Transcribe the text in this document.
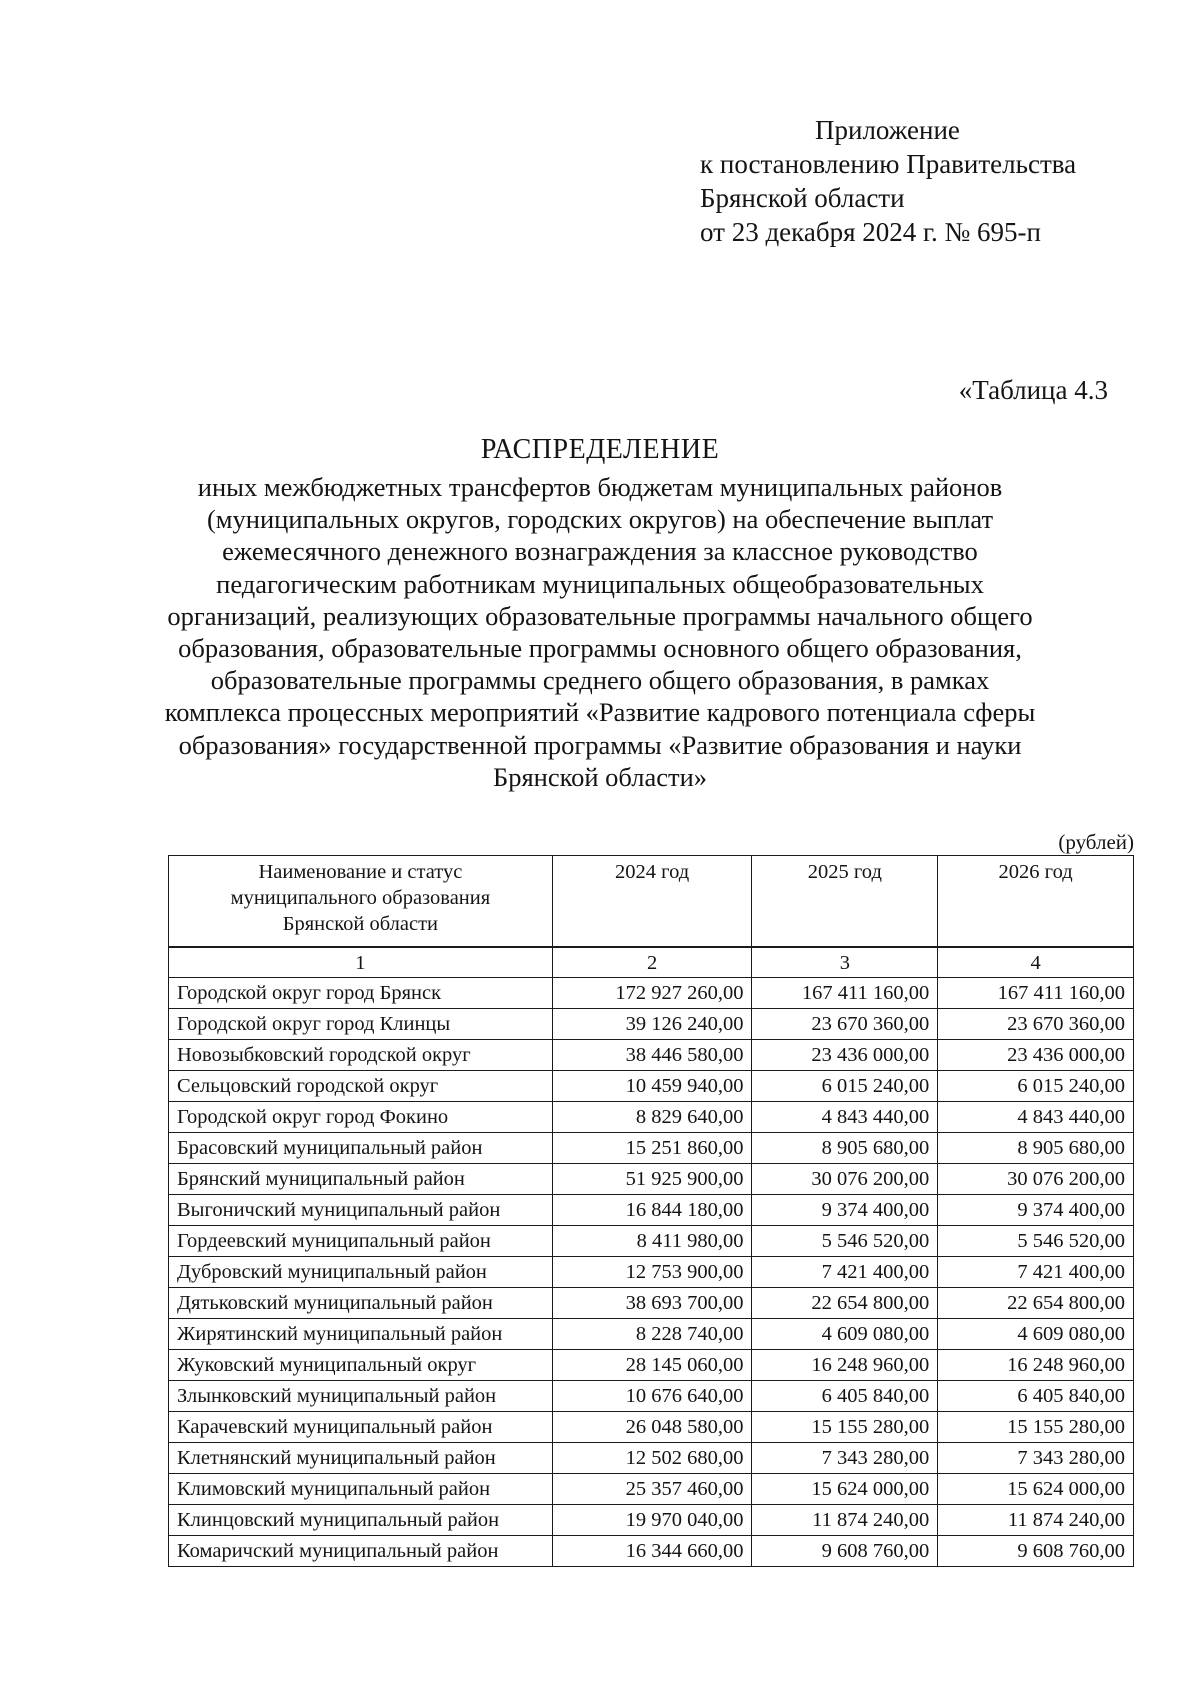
Приложение
к постановлению Правительства
Брянской области
от 23 декабря 2024 г. № 695-п
«Таблица 4.3
РАСПРЕДЕЛЕНИЕ
иных межбюджетных трансфертов бюджетам муниципальных районов
(муниципальных округов, городских округов) на обеспечение выплат
ежемесячного денежного вознаграждения за классное руководство
педагогическим работникам муниципальных общеобразовательных
организаций, реализующих образовательные программы начального общего
образования, образовательные программы основного общего образования,
образовательные программы среднего общего образования, в рамках
комплекса процессных мероприятий «Развитие кадрового потенциала сферы
образования» государственной программы «Развитие образования и науки
Брянской области»
(рублей)
Наименование и статус муниципального образования Брянской области	2024 год	2025 год	2026 год
1	2	3	4
Городской округ город Брянск	172 927 260,00	167 411 160,00	167 411 160,00
Городской округ город Клинцы	39 126 240,00	23 670 360,00	23 670 360,00
Новозыбковский городской округ	38 446 580,00	23 436 000,00	23 436 000,00
Сельцовский городской округ	10 459 940,00	6 015 240,00	6 015 240,00
Городской округ город Фокино	8 829 640,00	4 843 440,00	4 843 440,00
Брасовский муниципальный район	15 251 860,00	8 905 680,00	8 905 680,00
Брянский муниципальный район	51 925 900,00	30 076 200,00	30 076 200,00
Выгоничский муниципальный район	16 844 180,00	9 374 400,00	9 374 400,00
Гордеевский муниципальный район	8 411 980,00	5 546 520,00	5 546 520,00
Дубровский муниципальный район	12 753 900,00	7 421 400,00	7 421 400,00
Дятьковский муниципальный район	38 693 700,00	22 654 800,00	22 654 800,00
Жирятинский муниципальный район	8 228 740,00	4 609 080,00	4 609 080,00
Жуковский муниципальный округ	28 145 060,00	16 248 960,00	16 248 960,00
Злынковский муниципальный район	10 676 640,00	6 405 840,00	6 405 840,00
Карачевский муниципальный район	26 048 580,00	15 155 280,00	15 155 280,00
Клетнянский муниципальный район	12 502 680,00	7 343 280,00	7 343 280,00
Климовский муниципальный район	25 357 460,00	15 624 000,00	15 624 000,00
Клинцовский муниципальный район	19 970 040,00	11 874 240,00	11 874 240,00
Комаричский муниципальный район	16 344 660,00	9 608 760,00	9 608 760,00
